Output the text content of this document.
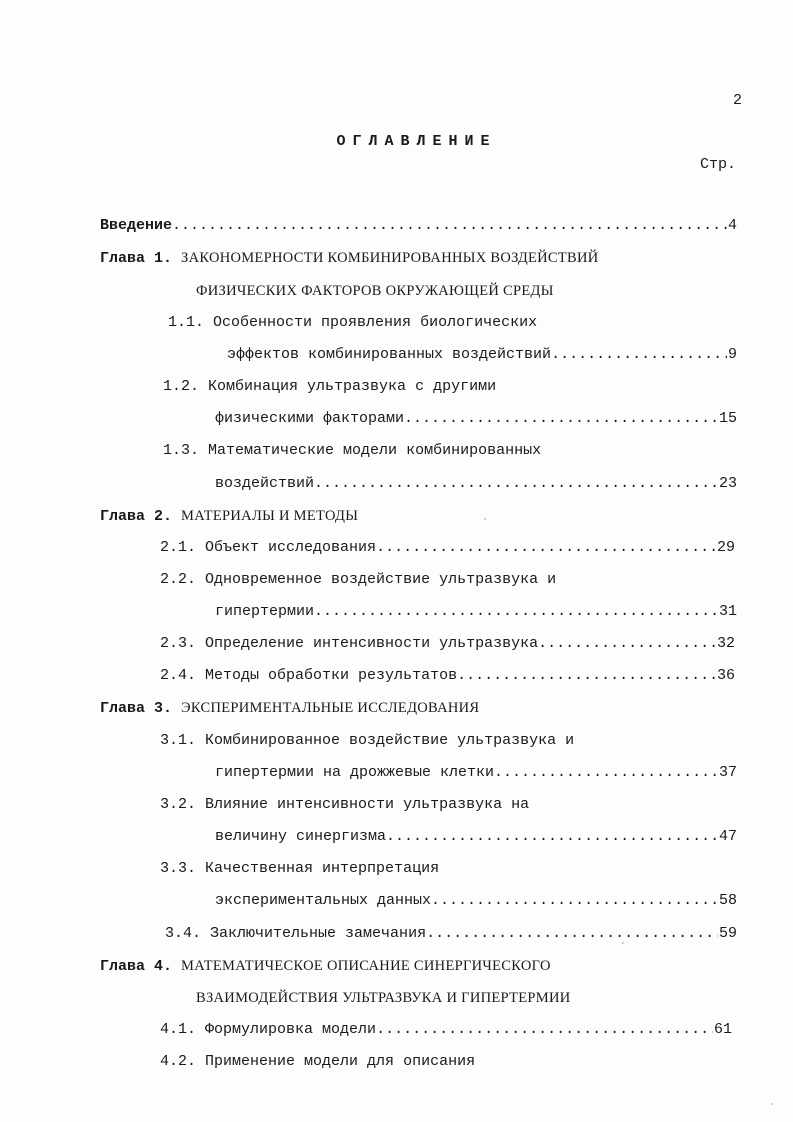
2
ОГЛАВЛЕНИЕ
Стр.
Введение .....	4
Глава 1. ЗАКОНОМЕРНОСТИ КОМБИНИРОВАННЫХ ВОЗДЕЙСТВИЙ
ФИЗИЧЕСКИХ ФАКТОРОВ ОКРУЖАЮЩЕЙ СРЕДЫ
1.1. Особенности проявления биологических
эффектов комбинированных воздействий .....	9
1.2. Комбинация ультразвука с другими
физическими факторами .....	15
1.3. Математические модели комбинированных
воздействий .....	23
Глава 2. МАТЕРИАЛЫ И МЕТОДЫ
2.1.
Объект исследования .....	29
2.2. Одновременное воздействие ультразвука и
гипертермии .....	31
2.3.
Определение интенсивности ультразвука .....	32
2.4.
Методы обработки результатов .....	36
Глава 3. ЭКСПЕРИМЕНТАЛЬНЫЕ ИССЛЕДОВАНИЯ
3.1. Комбинированное воздействие ультразвука и
гипертермии на дрожжевые клетки .....	37
3.2. Влияние интенсивности ультразвука на
величину синергизма .....	47
3.3. Качественная интерпретация
экспериментальных данных .....	58
3.4.
Заключительные замечания .....	59
Глава 4. МАТЕМАТИЧЕСКОЕ ОПИСАНИЕ СИНЕРГИЧЕСКОГО
ВЗАИМОДЕЙСТВИЯ УЛЬТРАЗВУКА И ГИПЕРТЕРМИИ
4.1.
Формулировка модели .....	61
4.2. Применение модели для описания
